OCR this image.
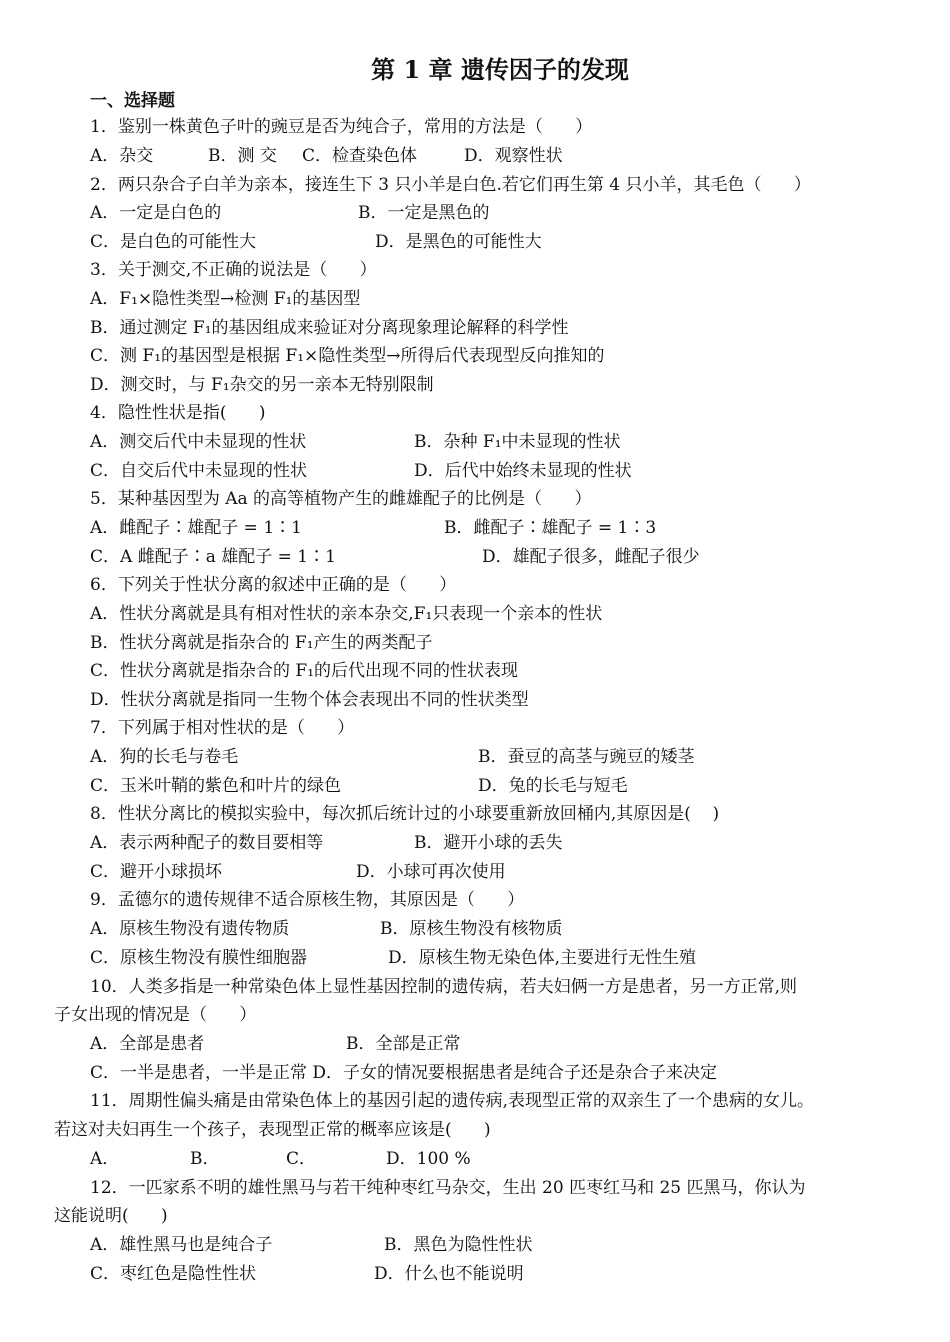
第 1 章 遗传因子的发现
一、选择题
1．鉴别一株黄色子叶的豌豆是否为纯合子，常用的方法是（      ）
A．杂交	B．测 交 C．检查染色体	D．观察性状
2．两只杂合子白羊为亲本，接连生下 3 只小羊是白色.若它们再生第 4 只小羊，其毛色（      ）
A．一定是白色的	B．一定是黑色的
C．是白色的可能性大	D．是黑色的可能性大
3．关于测交,不正确的说法是（      ）
A．F₁×隐性类型→检测 F₁的基因型
B．通过测定 F₁的基因组成来验证对分离现象理论解释的科学性
C．测 F₁的基因型是根据 F₁×隐性类型→所得后代表现型反向推知的
D．测交时，与 F₁杂交的另一亲本无特别限制
4．隐性性状是指(      )
A．测交后代中未显现的性状	B．杂种 F₁中未显现的性状
C．自交后代中未显现的性状	D．后代中始终未显现的性状
5．某种基因型为 Aa 的高等植物产生的雌雄配子的比例是（      ）
A．雌配子∶雄配子 = 1∶1	B．雌配子∶雄配子 = 1∶3
C．A 雌配子∶a 雄配子 = 1∶1	D．雄配子很多，雌配子很少
6．下列关于性状分离的叙述中正确的是（      ）
A．性状分离就是具有相对性状的亲本杂交,F₁只表现一个亲本的性状
B．性状分离就是指杂合的 F₁产生的两类配子
C．性状分离就是指杂合的 F₁的后代出现不同的性状表现
D．性状分离就是指同一生物个体会表现出不同的性状类型
7．下列属于相对性状的是（      ）
A．狗的长毛与卷毛	B．蚕豆的高茎与豌豆的矮茎
C．玉米叶鞘的紫色和叶片的绿色	D．兔的长毛与短毛
8．性状分离比的模拟实验中，每次抓后统计过的小球要重新放回桶内,其原因是(    )
A．表示两种配子的数目要相等	B．避开小球的丢失
C．避开小球损坏	D．小球可再次使用
9．孟德尔的遗传规律不适合原核生物，其原因是（      ）
A．原核生物没有遗传物质	B．原核生物没有核物质
C．原核生物没有膜性细胞器	D．原核生物无染色体,主要进行无性生殖
10．人类多指是一种常染色体上显性基因控制的遗传病，若夫妇俩一方是患者，另一方正常,则
子女出现的情况是（      ）
A．全部是患者	B．全部是正常
C．一半是患者，一半是正常 D．子女的情况要根据患者是纯合子还是杂合子来决定
11．周期性偏头痛是由常染色体上的基因引起的遗传病,表现型正常的双亲生了一个患病的女儿。
若这对夫妇再生一个孩子，表现型正常的概率应该是(      )
A．	B．	C．	D．100 %
12．一匹家系不明的雄性黑马与若干纯种枣红马杂交，生出 20 匹枣红马和 25 匹黑马，你认为
这能说明(      )
A．雄性黑马也是纯合子	B．黑色为隐性性状
C．枣红色是隐性性状	D．什么也不能说明
